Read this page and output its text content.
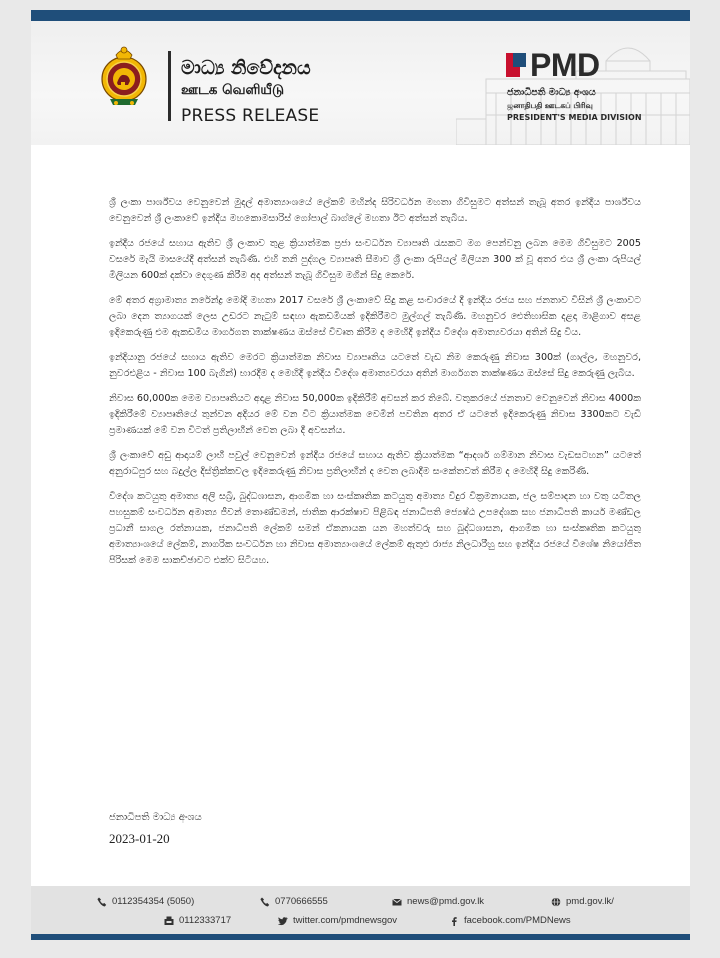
මාධ්‍ය නිවේදනය
ஊடக வெளியீடு
PRESS RELEASE
PMD
ජනාධිපති මාධ්‍ය අංශය
ஜனாதிபதி ஊடகப் பிரிவு
PRESIDENT'S MEDIA DIVISION

ශ්‍රී ලංකා පාර්ශ්වය වෙනුවෙන් මුදල් අමාත්‍යාංශයේ ලේකම් මහින්ද සිරිවර්ධන මහතා ගිවිසුමට අත්සන් තැබූ අතර ඉන්දීය පාර්ශ්වය වෙනුවෙන් ශ්‍රී ලංකාවේ ඉන්දීය මහකොමසාරිස් ගෝපාල් බාග්ලේ මහතා ඊට අත්සන් තැබීය.

ඉන්දීය රජයේ සහාය ඇතිව ශ්‍රී ලංකාව තුළ ක්‍රියාත්මක ප්‍රජා සංවර්ධන ව්‍යාපෘති රැසකට මග පෙන්වනු ලබන මෙම ගිවිසුමට 2005 වසරේ මැයි මාසයේදී අත්සන් තැබිණි. එහි තනි පුද්ගල ව්‍යාපෘති සීමාව ශ්‍රී ලංකා රුපියල් මිලියන 300 ක් වූ අතර එය ශ්‍රී ලංකා රුපියල් මිලියන 600ක් දක්වා දෙගුණ කිරීම අද අත්සන් තැබූ ගිවිසුම මගින් සිදු කෙරේ.

මේ අතර අග්‍රාමාත්‍ය නරේන්ද්‍ර මෝදි මහතා 2017 වසරේ ශ්‍රී ලංකාවේ සිදු කළ සංචාරයේ දී ඉන්දීය රජය සහ ජනතාව විසින් ශ්‍රී ලංකාවට ලබා දෙන ත්‍යාගයක් ලෙස උඩරට නැටුම් සඳහා ඇකඩමියක් ඉදිකිරීමට මුල්ගල් තැබිණි. මහනුවර ඓතිහාසික දළදා මාළිගාව අසළ ඉදිකෙරුණු එම ඇකඩමිය මාර්ගගත තාක්ෂණය ඔස්සේ විවෘත කිරීම ද මෙහිදී ඉන්දීය විදේශ අමාත්‍යවරයා අතින් සිදු විය.

ඉන්දියානු රජයේ සහාය ඇතිව මෙරට ක්‍රියාත්මක නිවාස ව්‍යාපෘතිය යටතේ වැඩ නිම කෙරුණු නිවාස 300ක් (ගාල්ල, මහනුවර, නුවරඑළිය - නිවාස 100 බැගින්) භාරදීම ද මෙහිදී ඉන්දීය විදේශ අමාත්‍යවරයා අතින් මාර්ගගත තාක්ෂණය ඔස්සේ සිදු කෙරුණු ලැබීය.

නිවාස 60,000ක මෙම ව්‍යාපෘතියට අදාළ නිවාස 50,000ක ඉදිකිරීම් අවසන් කර තිබේ. වතුකරයේ ජනතාව වෙනුවෙන් නිවාස 4000ක ඉදිකිරීමේ ව්‍යාපෘතියේ තුන්වන අදියර මේ වන විට ක්‍රියාත්මක වෙමින් පවතින අතර ඒ යටතේ ඉදිකෙරුණු නිවාස 3300කට වැඩි ප්‍රමාණයක් මේ වන විටත් ප්‍රතිලාභීන් වෙත ලබා දී අවසන්ය.

ශ්‍රී ලංකාවේ අඩු ආදායම් ලාභී පවුල් වෙනුවෙන් ඉන්දීය රජයේ සහාය ඇතිව ක්‍රියාත්මක “ආදර්ශ ගම්මාන නිවාස වැඩසටහන” යටතේ අනුරාධපුර සහ බදුල්ල දිස්ත්‍රික්කවල ඉදිකෙරුණු නිවාස ප්‍රතිලාභීන් ද වෙත ලබාදීම සංකේතවත් කිරීම ද මෙහිදී සිදු කෙරිණි.

විදේශ කටයුතු අමාත්‍ය අලි සබ්‍රි, බුද්ධශාසන, ආගමික හා සංස්කෘතික කටයුතු අමාත්‍ය විදුර වික්‍රමනායක, ජල සම්පාදන හා වතු යටිතල පහසුකම් සංවර්ධන අමාත්‍ය ජීවන් තොණ්ඩමන්, ජාතික ආරක්ෂාව පිළිබඳ ජනාධිපති ජ්‍යෙෂ්ඨ උපදේශක සහ ජනාධිපති කාර්ය මණ්ඩල ප්‍රධානී සාගල රත්නායක, ජනාධිපති ලේකම් සමන් ඒකනායක යන මහත්වරු සහ බුද්ධශාසන, ආගමික හා සංස්කෘතික කටයුතු අමාත්‍යාංශයේ ලේකම්, නාගරික සංවර්ධන හා නිවාස අමාත්‍යාංශයේ ලේකම් ඇතුළු රාජ්‍ය නිලධාරීහු සහ ඉන්දීය රජයේ විශේෂ නියෝජිත පිරිසක් මෙම සාකච්ඡාවට එක්ව සිටියහ.

ජනාධිපති මාධ්‍ය අංශය
2023-01-20
0112354354 (5050)	0770666555	news@pmd.gov.lk	pmd.gov.lk/
0112333717	twitter.com/pmdnewsgov	facebook.com/PMDNews
